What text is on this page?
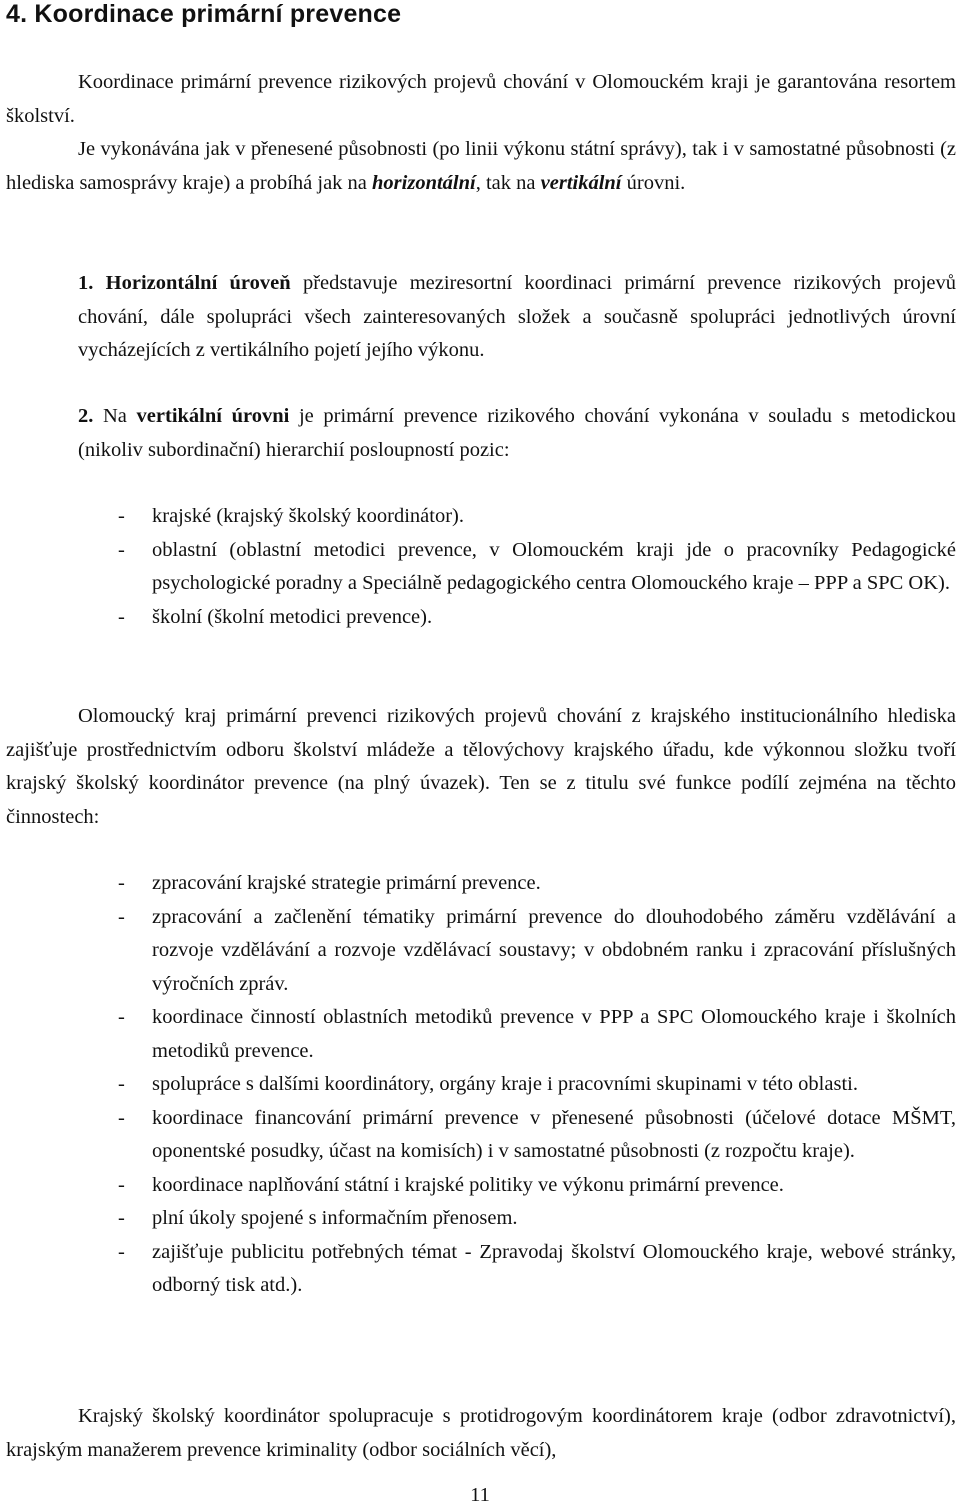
4. Koordinace primární prevence

Koordinace primární prevence rizikových projevů chování v Olomouckém kraji je garantována resortem školství.

Je vykonávána jak v přenesené působnosti (po linii výkonu státní správy), tak i v samostatné působnosti (z hlediska samosprávy kraje) a probíhá jak na horizontální, tak na vertikální úrovni.

1. Horizontální úroveň představuje meziresortní koordinaci primární prevence rizikových projevů chování, dále spolupráci všech zainteresovaných složek a současně spolupráci jednotlivých úrovní vycházejících z vertikálního pojetí jejího výkonu.

2. Na vertikální úrovni je primární prevence rizikového chování vykonána v souladu s metodickou (nikoliv subordinační) hierarchií posloupností pozic:

- krajské (krajský školský koordinátor).
- oblastní (oblastní metodici prevence, v Olomouckém kraji jde o pracovníky Pedagogické psychologické poradny a Speciálně pedagogického centra Olomouckého kraje – PPP a SPC OK).
- školní (školní metodici prevence).

Olomoucký kraj primární prevenci rizikových projevů chování z krajského institucionálního hlediska zajišťuje prostřednictvím odboru školství mládeže a tělovýchovy krajského úřadu, kde výkonnou složku tvoří krajský školský koordinátor prevence (na plný úvazek). Ten se z titulu své funkce podílí zejména na těchto činnostech:

- zpracování krajské strategie primární prevence.
- zpracování a začlenění tématiky primární prevence do dlouhodobého záměru vzdělávání a rozvoje vzdělávání a rozvoje vzdělávací soustavy; v obdobném ranku i zpracování příslušných výročních zpráv.
- koordinace činností oblastních metodiků prevence v PPP a SPC Olomouckého kraje i školních metodiků prevence.
- spolupráce s dalšími koordinátory, orgány kraje i pracovními skupinami v této oblasti.
- koordinace financování primární prevence v přenesené působnosti (účelové dotace MŠMT, oponentské posudky, účast na komisích) i v samostatné působnosti (z rozpočtu kraje).
- koordinace naplňování státní i krajské politiky ve výkonu primární prevence.
- plní úkoly spojené s informačním přenosem.
- zajišťuje publicitu potřebných témat - Zpravodaj školství Olomouckého kraje, webové stránky, odborný tisk atd.).

Krajský školský koordinátor spolupracuje s protidrogovým koordinátorem kraje (odbor zdravotnictví), krajským manažerem prevence kriminality (odbor sociálních věcí),

11
